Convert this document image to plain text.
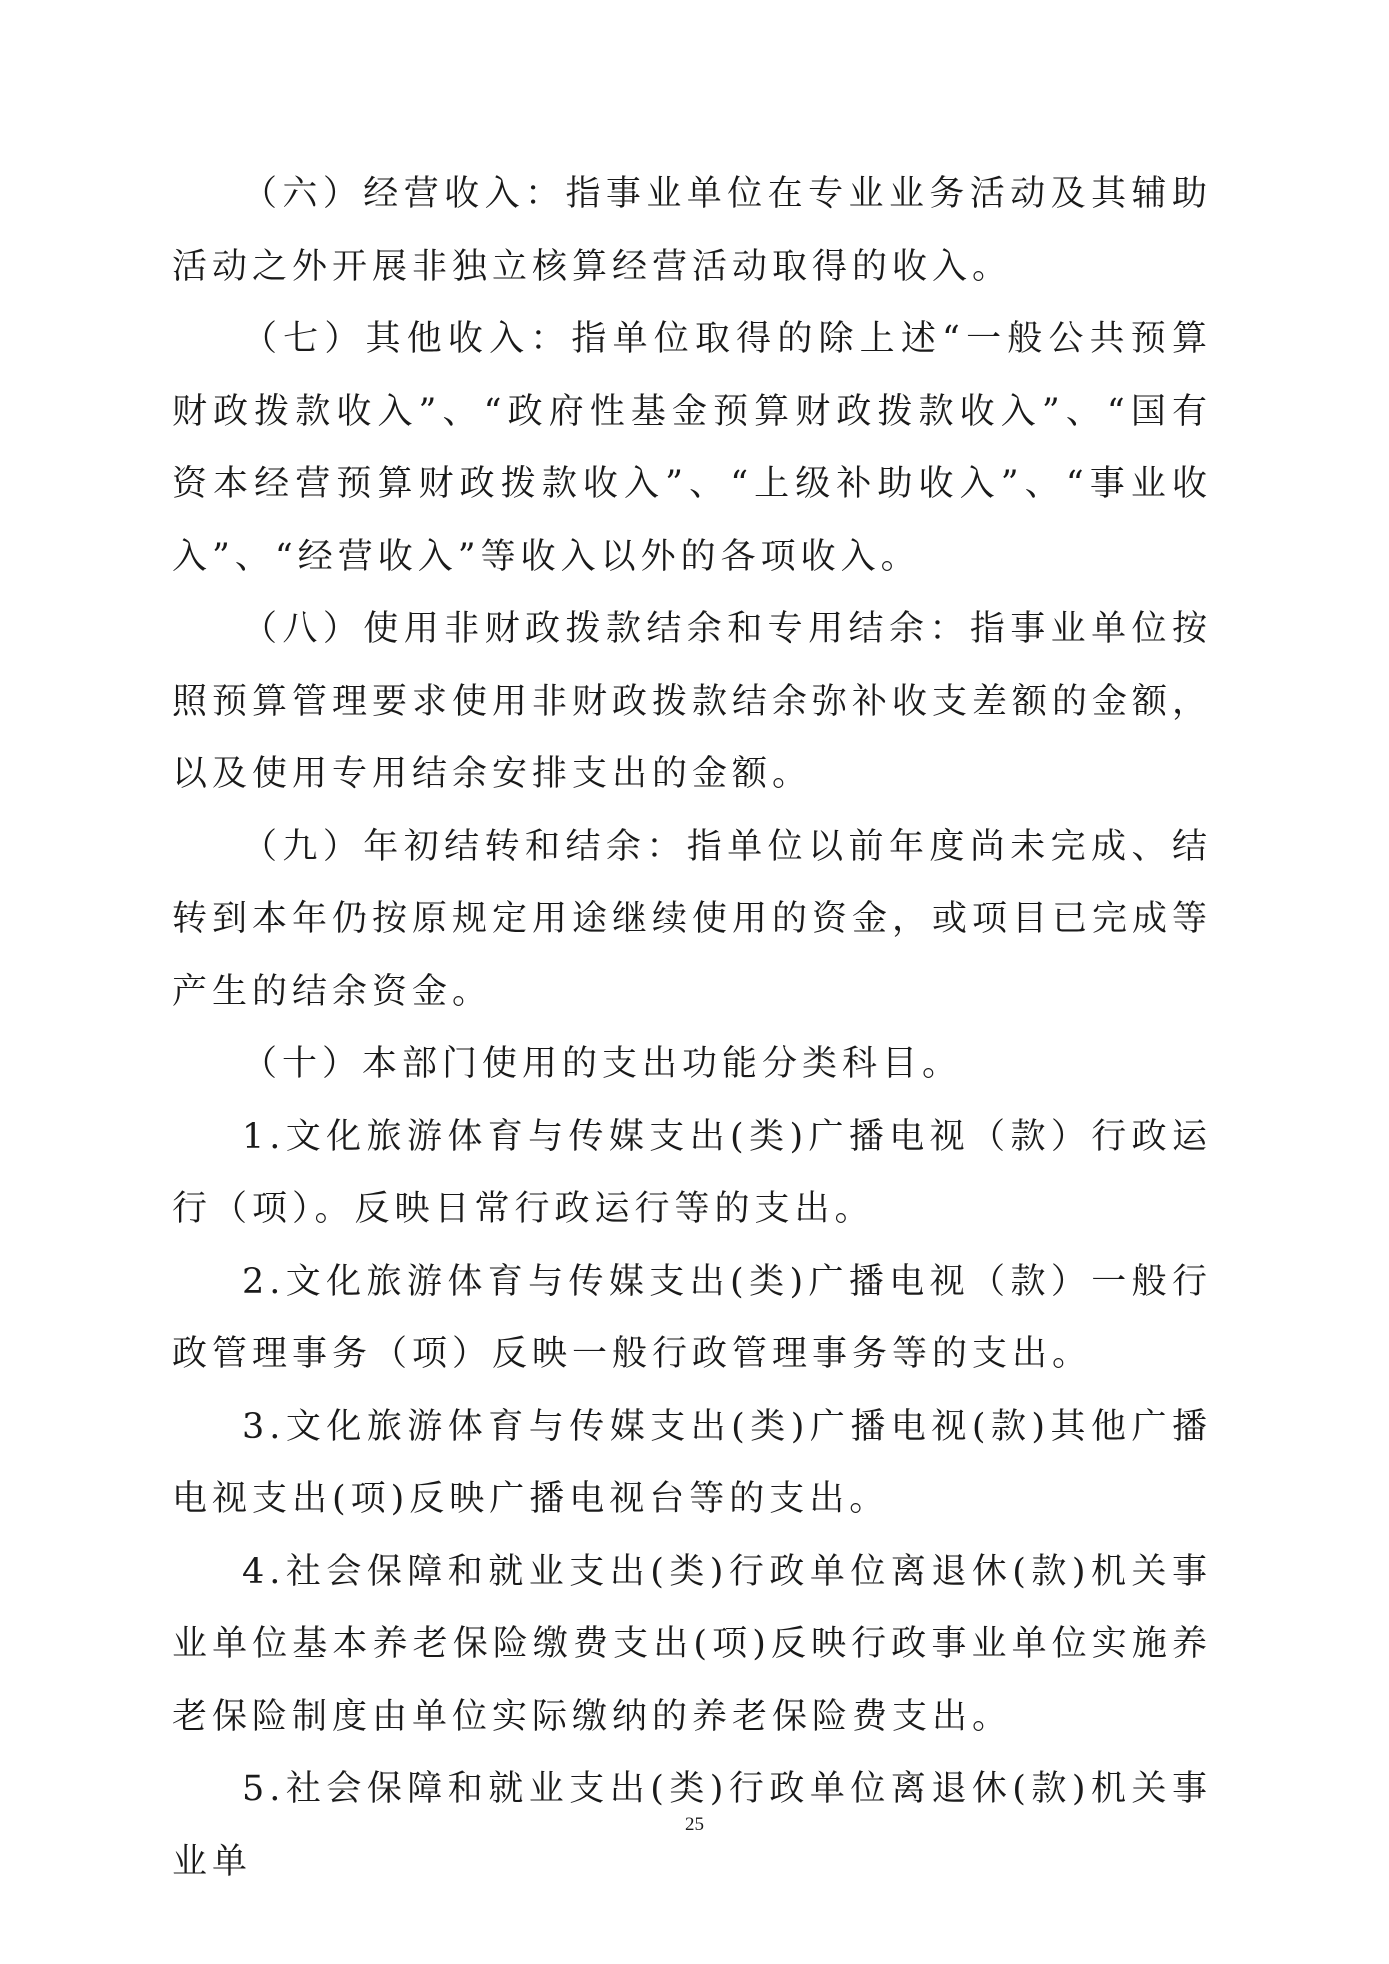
（六）经营收入：指事业单位在专业业务活动及其辅助活动之外开展非独立核算经营活动取得的收入。

（七）其他收入：指单位取得的除上述“一般公共预算财政拨款收入”、“政府性基金预算财政拨款收入”、“国有资本经营预算财政拨款收入”、“上级补助收入”、“事业收入”、“经营收入”等收入以外的各项收入。

（八）使用非财政拨款结余和专用结余：指事业单位按照预算管理要求使用非财政拨款结余弥补收支差额的金额，以及使用专用结余安排支出的金额。

（九）年初结转和结余：指单位以前年度尚未完成、结转到本年仍按原规定用途继续使用的资金，或项目已完成等产生的结余资金。

（十）本部门使用的支出功能分类科目。

1.文化旅游体育与传媒支出(类)广播电视（款）行政运行（项）。反映日常行政运行等的支出。

2.文化旅游体育与传媒支出(类)广播电视（款）一般行政管理事务（项）反映一般行政管理事务等的支出。

3.文化旅游体育与传媒支出(类)广播电视(款)其他广播电视支出(项)反映广播电视台等的支出。

4.社会保障和就业支出(类)行政单位离退休(款)机关事业单位基本养老保险缴费支出(项)反映行政事业单位实施养老保险制度由单位实际缴纳的养老保险费支出。

5.社会保障和就业支出(类)行政单位离退休(款)机关事业单

25
